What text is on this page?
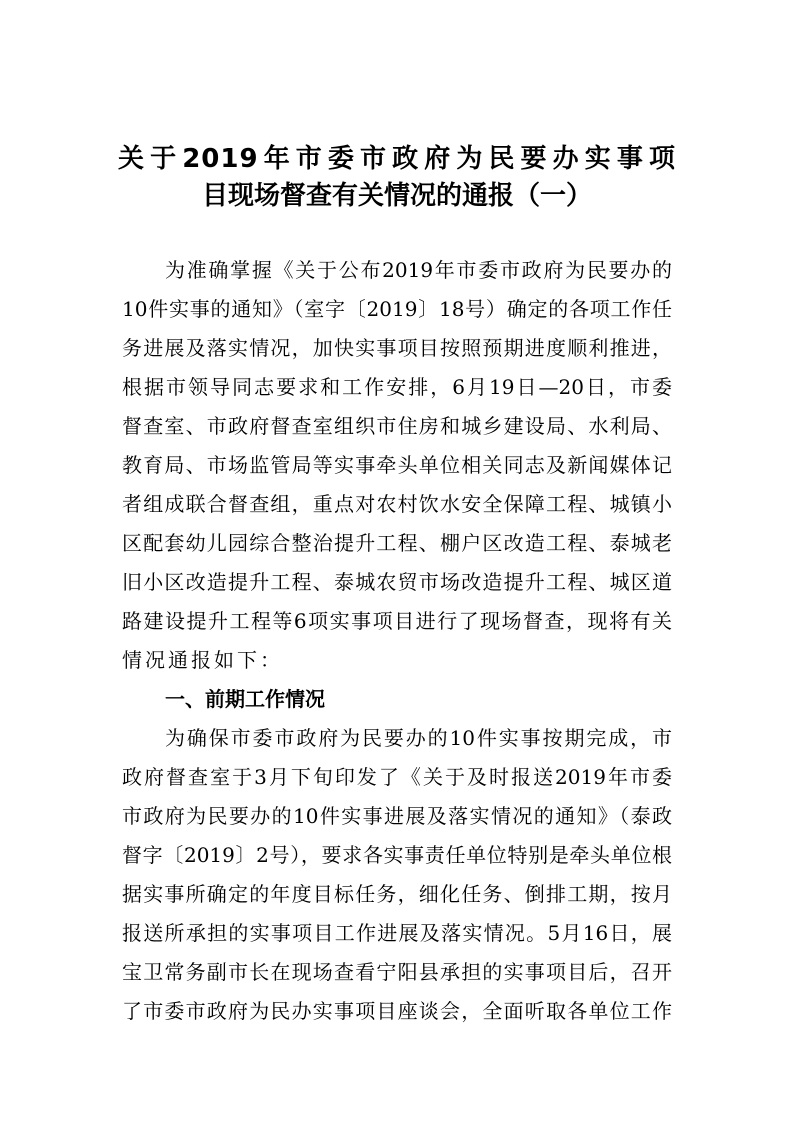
关于2019年市委市政府为民要办实事项
目现场督查有关情况的通报（一）
为准确掌握《关于公布2019年市委市政府为民要办的
10件实事的通知》（室字〔2019〕18号）确定的各项工作任
务进展及落实情况，加快实事项目按照预期进度顺利推进，
根据市领导同志要求和工作安排，6月19日—20日，市委
督查室、市政府督查室组织市住房和城乡建设局、水利局、
教育局、市场监管局等实事牵头单位相关同志及新闻媒体记
者组成联合督查组，重点对农村饮水安全保障工程、城镇小
区配套幼儿园综合整治提升工程、棚户区改造工程、泰城老
旧小区改造提升工程、泰城农贸市场改造提升工程、城区道
路建设提升工程等6项实事项目进行了现场督查，现将有关
情况通报如下：
一、前期工作情况
为确保市委市政府为民要办的10件实事按期完成，市
政府督查室于3月下旬印发了《关于及时报送2019年市委
市政府为民要办的10件实事进展及落实情况的通知》（泰政
督字〔2019〕2号），要求各实事责任单位特别是牵头单位根
据实事所确定的年度目标任务，细化任务、倒排工期，按月
报送所承担的实事项目工作进展及落实情况。5月16日，展
宝卫常务副市长在现场查看宁阳县承担的实事项目后，召开
了市委市政府为民办实事项目座谈会，全面听取各单位工作
